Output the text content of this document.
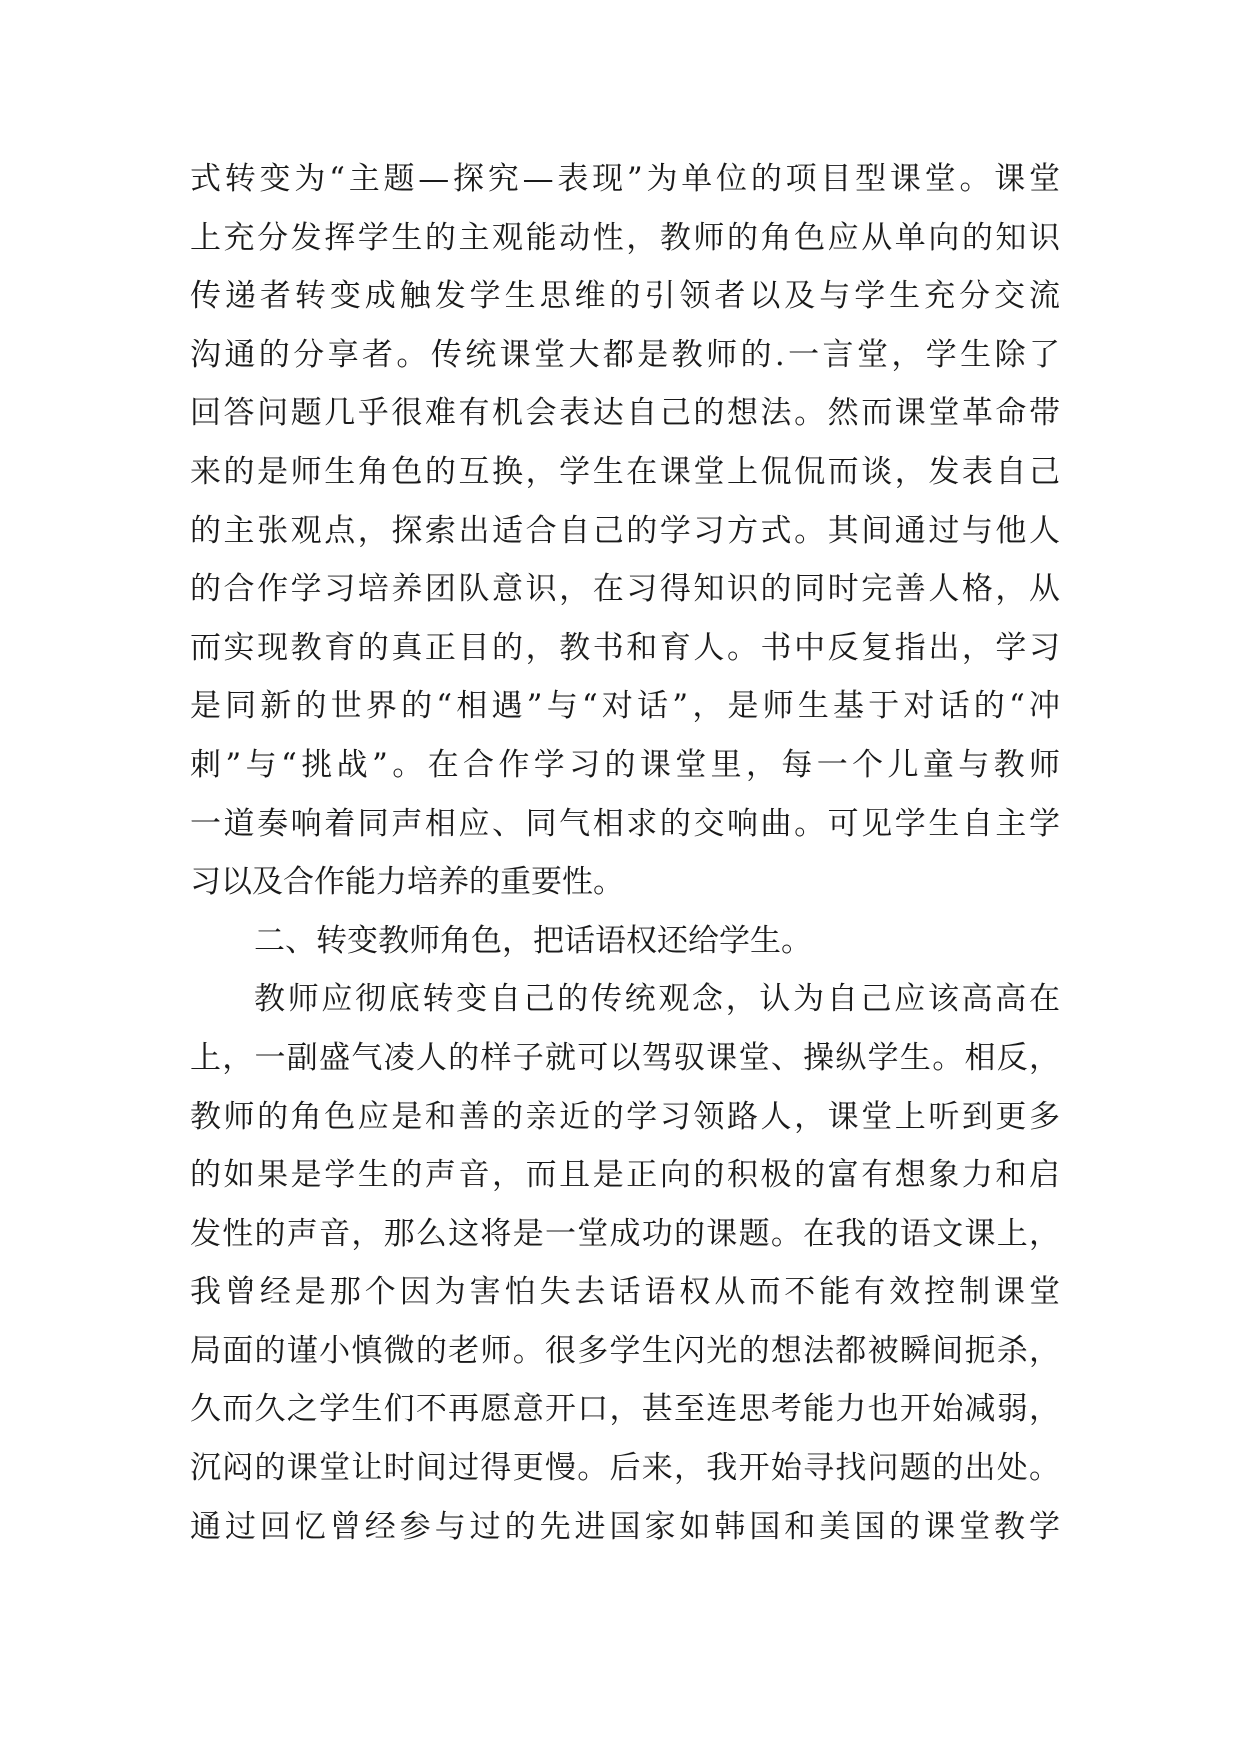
式转变为“主题—探究—表现”为单位的项目型课堂。课堂
上充分发挥学生的主观能动性，教师的角色应从单向的知识
传递者转变成触发学生思维的引领者以及与学生充分交流
沟通的分享者。传统课堂大都是教师的.一言堂，学生除了
回答问题几乎很难有机会表达自己的想法。然而课堂革命带
来的是师生角色的互换，学生在课堂上侃侃而谈，发表自己
的主张观点，探索出适合自己的学习方式。其间通过与他人
的合作学习培养团队意识，在习得知识的同时完善人格，从
而实现教育的真正目的，教书和育人。书中反复指出，学习
是同新的世界的“相遇”与“对话”，是师生基于对话的“冲
刺”与“挑战”。在合作学习的课堂里，每一个儿童与教师
一道奏响着同声相应、同气相求的交响曲。可见学生自主学
习以及合作能力培养的重要性。
二、转变教师角色，把话语权还给学生。
教师应彻底转变自己的传统观念，认为自己应该高高在
上，一副盛气凌人的样子就可以驾驭课堂、操纵学生。相反，
教师的角色应是和善的亲近的学习领路人，课堂上听到更多
的如果是学生的声音，而且是正向的积极的富有想象力和启
发性的声音，那么这将是一堂成功的课题。在我的语文课上，
我曾经是那个因为害怕失去话语权从而不能有效控制课堂
局面的谨小慎微的老师。很多学生闪光的想法都被瞬间扼杀，
久而久之学生们不再愿意开口，甚至连思考能力也开始减弱，
沉闷的课堂让时间过得更慢。后来，我开始寻找问题的出处。
通过回忆曾经参与过的先进国家如韩国和美国的课堂教学
